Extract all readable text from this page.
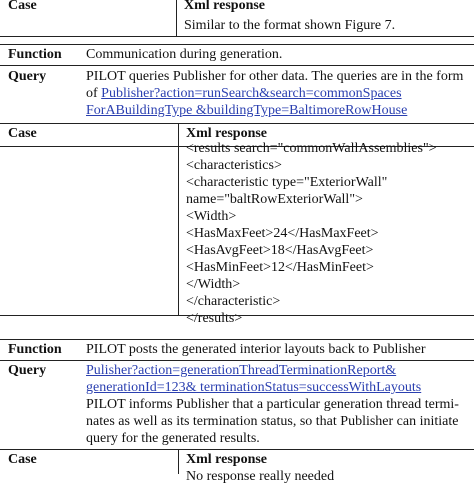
Case	Xml response
Similar to the format shown Figure 7.
Function Communication during generation.
Query	PILOT queries Publisher for other data. The queries are in the form
of Publisher?action=runSearch&search=commonSpaces
ForABuildingType &buildingType=BaltimoreRowHouse
Case	Xml response
<results search="commonWallAssemblies">
<characteristics>
<characteristic type="ExteriorWall"
name="baltRowExteriorWall">
<Width>
<HasMaxFeet>24</HasMaxFeet>
<HasAvgFeet>18</HasAvgFeet>
<HasMinFeet>12</HasMinFeet>
</Width>
</characteristic>
</results>
Function PILOT posts the generated interior layouts back to Publisher
Query	Pulisher?action=generationThreadTerminationReport&
generationId=123& terminationStatus=successWithLayouts
PILOT informs Publisher that a particular generation thread termi-
nates as well as its termination status, so that Publisher can initiate
query for the generated results.
Case	Xml response
No response really needed
